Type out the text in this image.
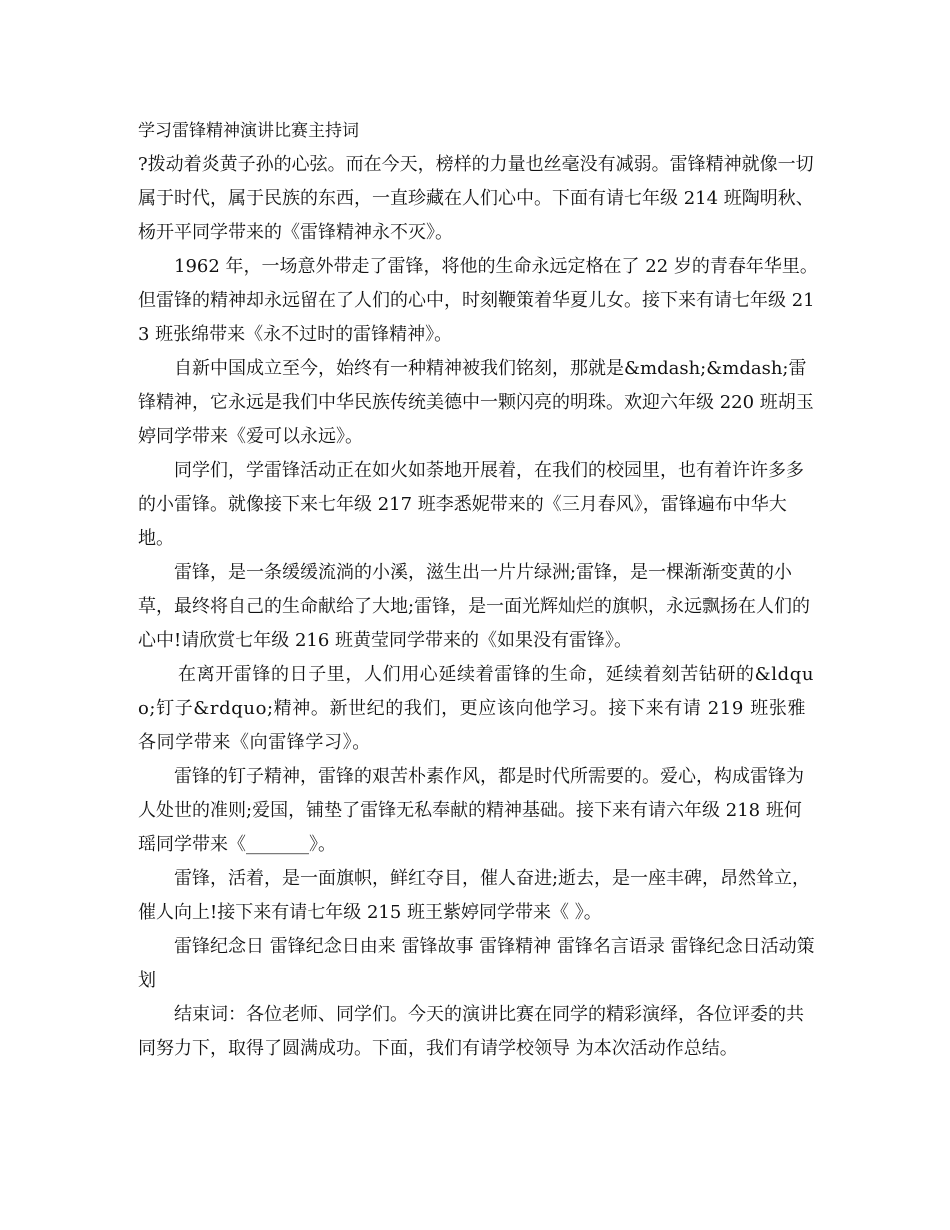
学习雷锋精神演讲比赛主持词

?拨动着炎黄子孙的心弦。而在今天，榜样的力量也丝毫没有减弱。雷锋精神就像一切属于时代，属于民族的东西，一直珍藏在人们心中。下面有请七年级 214 班陶明秋、杨开平同学带来的《雷锋精神永不灭》。

1962 年，一场意外带走了雷锋，将他的生命永远定格在了 22 岁的青春年华里。但雷锋的精神却永远留在了人们的心中，时刻鞭策着华夏儿女。接下来有请七年级 213 班张绵带来《永不过时的雷锋精神》。

自新中国成立至今，始终有一种精神被我们铭刻，那就是&mdash;&mdash;雷锋精神，它永远是我们中华民族传统美德中一颗闪亮的明珠。欢迎六年级 220 班胡玉婷同学带来《爱可以永远》。

同学们，学雷锋活动正在如火如荼地开展着，在我们的校园里，也有着许许多多的小雷锋。就像接下来七年级 217 班李悉妮带来的《三月春风》，雷锋遍布中华大地。

雷锋，是一条缓缓流淌的小溪，滋生出一片片绿洲;雷锋，是一棵渐渐变黄的小草，最终将自己的生命献给了大地;雷锋，是一面光辉灿烂的旗帜，永远飘扬在人们的心中!请欣赏七年级 216 班黄莹同学带来的《如果没有雷锋》。

在离开雷锋的日子里，人们用心延续着雷锋的生命，延续着刻苦钻研的&ldquo;钉子&rdquo;精神。新世纪的我们，更应该向他学习。接下来有请 219 班张雅各同学带来《向雷锋学习》。

雷锋的钉子精神，雷锋的艰苦朴素作风，都是时代所需要的。爱心，构成雷锋为人处世的准则;爱国，铺垫了雷锋无私奉献的精神基础。接下来有请六年级 218 班何瑶同学带来《_______》。

雷锋，活着，是一面旗帜，鲜红夺目，催人奋进;逝去，是一座丰碑，昂然耸立，催人向上!接下来有请七年级 215 班王紫婷同学带来《 》。

雷锋纪念日 雷锋纪念日由来 雷锋故事 雷锋精神 雷锋名言语录 雷锋纪念日活动策划

结束词：各位老师、同学们。今天的演讲比赛在同学的精彩演绎，各位评委的共同努力下，取得了圆满成功。下面，我们有请学校领导 为本次活动作总结。
